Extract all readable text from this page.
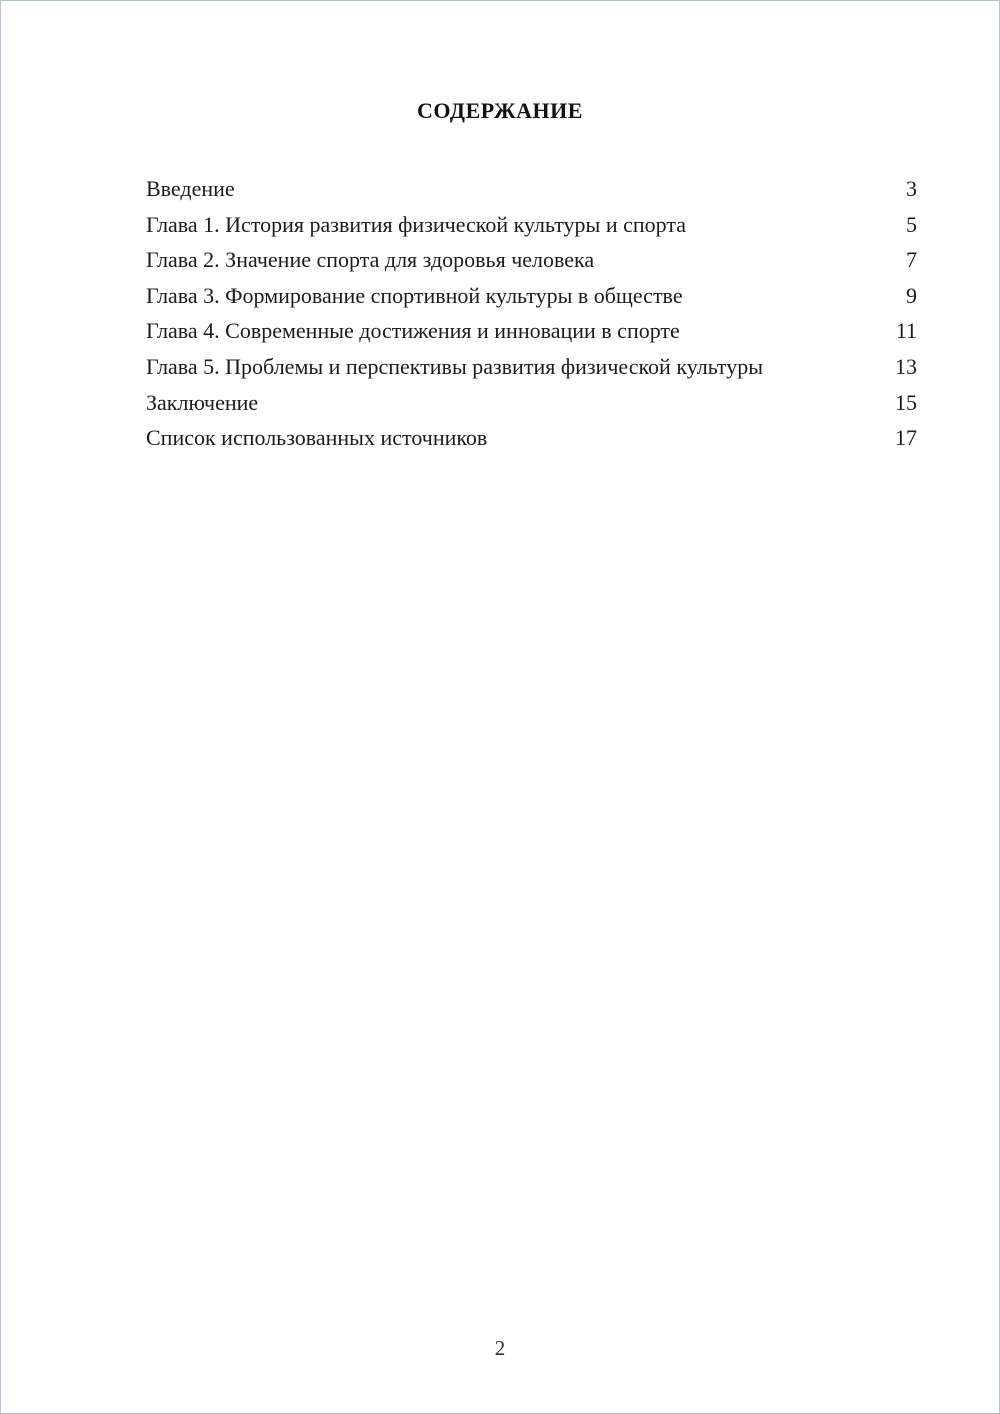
СОДЕРЖАНИЕ
Введение	3
Глава 1. История развития физической культуры и спорта	5
Глава 2. Значение спорта для здоровья человека	7
Глава 3. Формирование спортивной культуры в обществе	9
Глава 4. Современные достижения и инновации в спорте	11
Глава 5. Проблемы и перспективы развития физической культуры	13
Заключение	15
Список использованных источников	17
2
